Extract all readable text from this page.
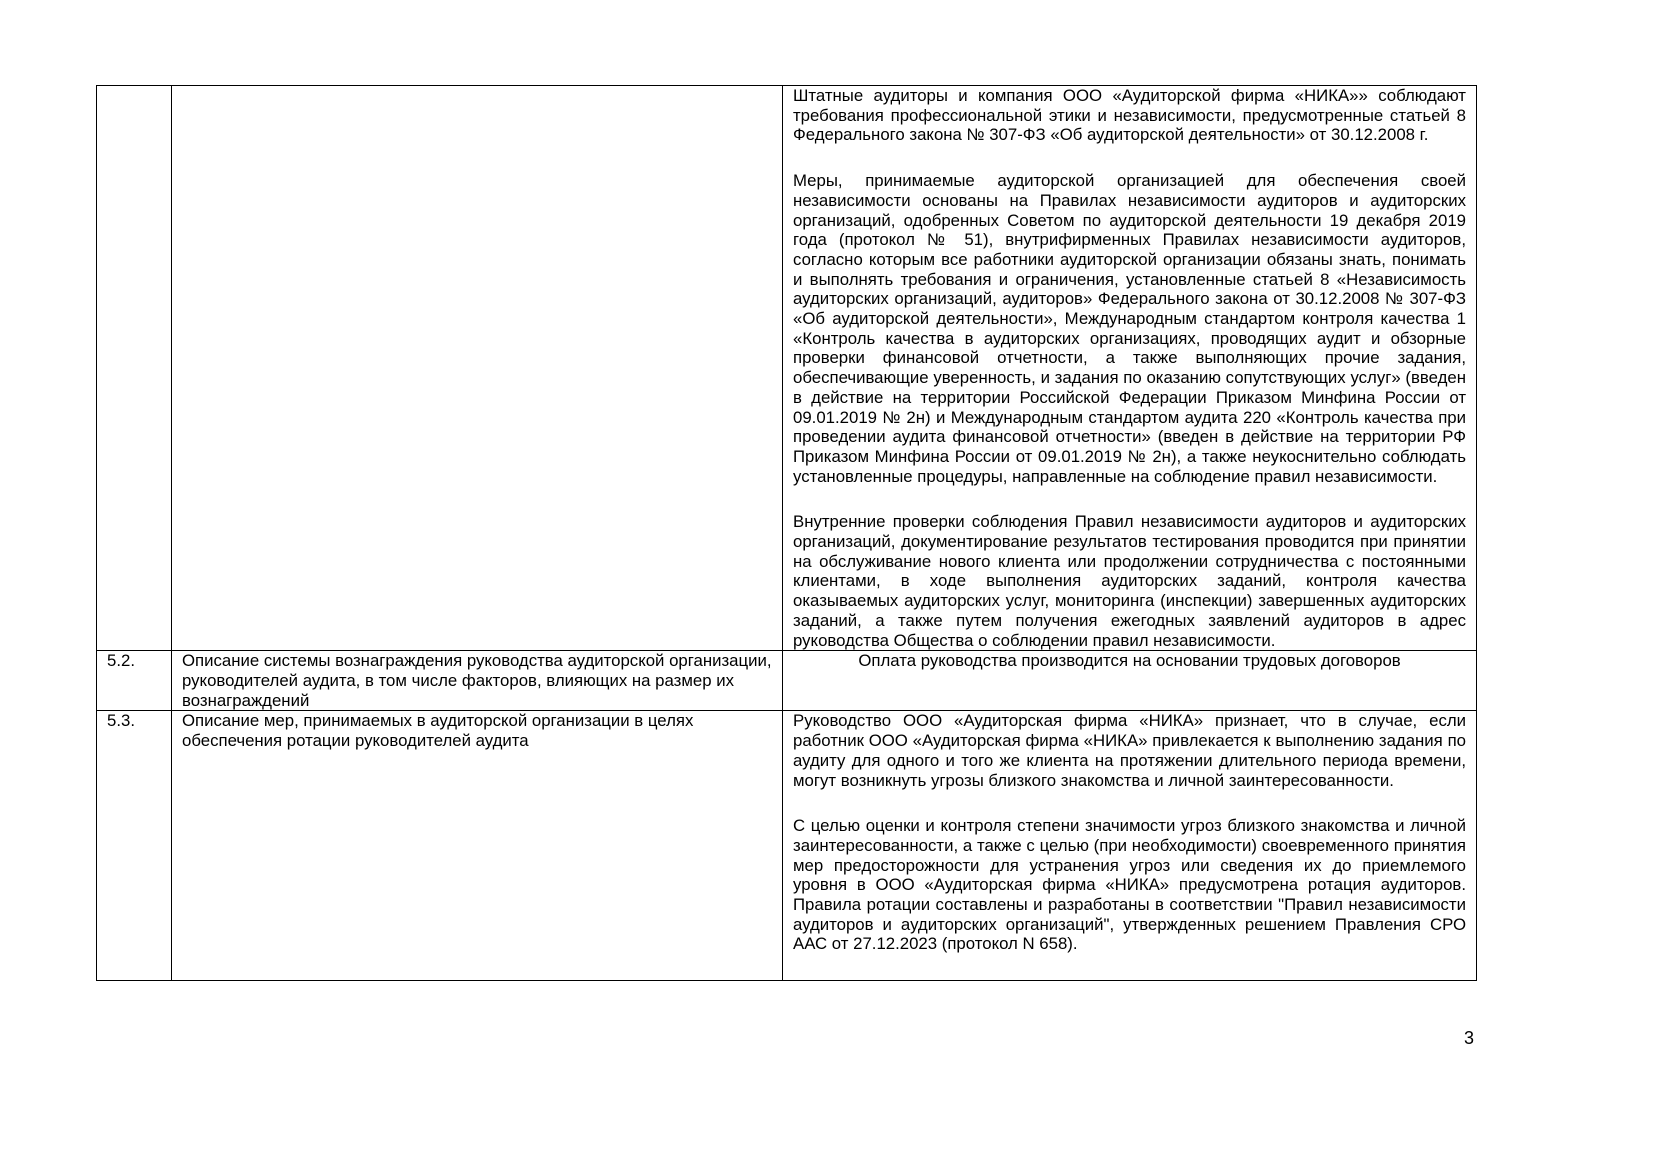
		Штатные аудиторы и компания ООО «Аудиторской фирма «НИКА»» соблюдают требования профессиональной этики и независимости, предусмотренные статьей 8 Федерального закона № 307-ФЗ «Об аудиторской деятельности» от 30.12.2008 г.

Меры, принимаемые аудиторской организацией для обеспечения своей независимости основаны на Правилах независимости аудиторов и аудиторских организаций, одобренных Советом по аудиторской деятельности 19 декабря 2019 года (протокол № 51), внутрифирменных Правилах независимости аудиторов, согласно которым все работники аудиторской организации обязаны знать, понимать и выполнять требования и ограничения, установленные статьей 8 «Независимость аудиторских организаций, аудиторов» Федерального закона от 30.12.2008 № 307-ФЗ «Об аудиторской деятельности», Международным стандартом контроля качества 1 «Контроль качества в аудиторских организациях, проводящих аудит и обзорные проверки финансовой отчетности, а также выполняющих прочие задания, обеспечивающие уверенность, и задания по оказанию сопутствующих услуг» (введен в действие на территории Российской Федерации Приказом Минфина России от 09.01.2019 № 2н) и Международным стандартом аудита 220 «Контроль качества при проведении аудита финансовой отчетности» (введен в действие на территории РФ Приказом Минфина России от 09.01.2019 № 2н), а также неукоснительно соблюдать установленные процедуры, направленные на соблюдение правил независимости.

Внутренние проверки соблюдения Правил независимости аудиторов и аудиторских организаций, документирование результатов тестирования проводится при принятии на обслуживание нового клиента или продолжении сотрудничества с постоянными клиентами, в ходе выполнения аудиторских заданий, контроля качества оказываемых аудиторских услуг, мониторинга (инспекции) завершенных аудиторских заданий, а также путем получения ежегодных заявлений аудиторов в адрес руководства Общества о соблюдении правил независимости.

5.2.	Описание системы вознаграждения руководства аудиторской организации, руководителей аудита, в том числе факторов, влияющих на размер их вознаграждений	Оплата руководства производится на основании трудовых договоров
5.3.	Описание мер, принимаемых в аудиторской организации в целях обеспечения ротации руководителей аудита	Руководство ООО «Аудиторская фирма «НИКА» признает, что в случае, если работник ООО «Аудиторская фирма «НИКА» привлекается к выполнению задания по аудиту для одного и того же клиента на протяжении длительного периода времени, могут возникнуть угрозы близкого знакомства и личной заинтересованности.

С целью оценки и контроля степени значимости угроз близкого знакомства и личной заинтересованности, а также с целью (при необходимости) своевременного принятия мер предосторожности для устранения угроз или сведения их до приемлемого уровня в ООО «Аудиторская фирма «НИКА» предусмотрена ротация аудиторов. Правила ротации составлены и разработаны в соответствии "Правил независимости аудиторов и аудиторских организаций", утвержденных решением Правления СРО ААС от 27.12.2023 (протокол N 658).

3
